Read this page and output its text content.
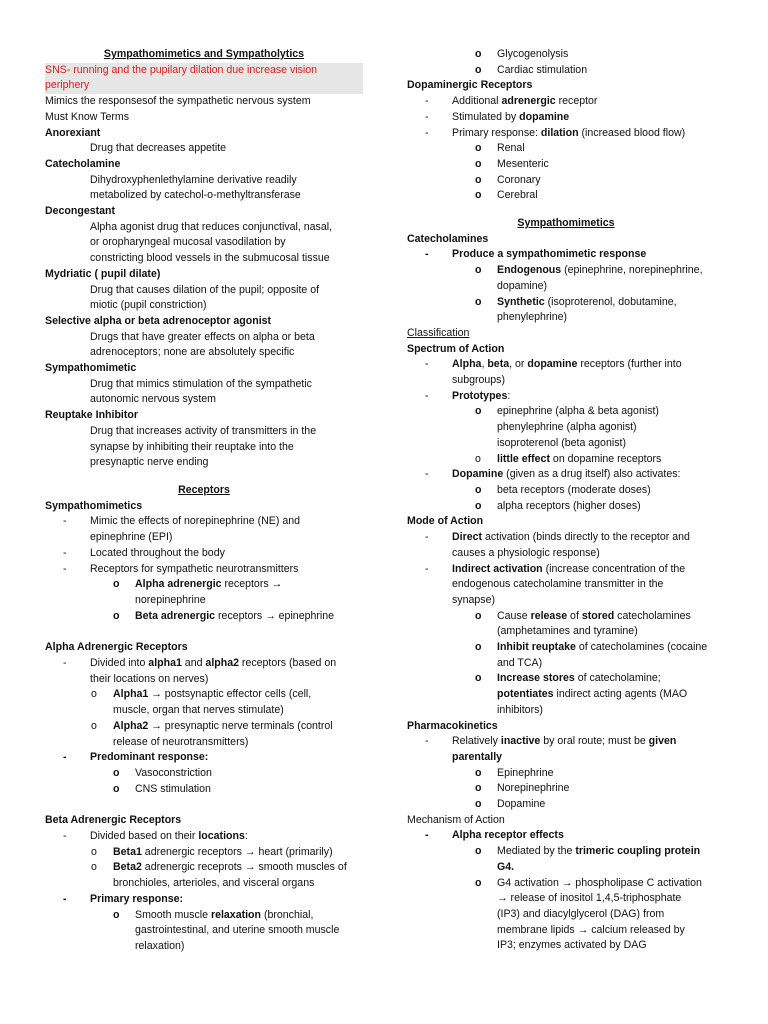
Sympathomimetics and Sympatholytics
SNS- running and the pupilary dilation due increase vision
periphery
Mimics the responsesof the sympathetic nervous system
Must Know Terms
Anorexiant
Drug that decreases appetite
Catecholamine
Dihydroxyphenlethylamine derivative readily
metabolized by catechol-o-methyltransferase
Decongestant
Alpha agonist drug that reduces conjunctival, nasal,
or oropharyngeal mucosal vasodilation by
constricting blood vessels in the submucosal tissue
Mydriatic ( pupil dilate)
Drug that causes dilation of the pupil; opposite of
miotic (pupil constriction)
Selective alpha or beta adrenoceptor agonist
Drugs that have greater effects on alpha or beta
adrenoceptors; none are absolutely specific
Sympathomimetic
Drug that mimics stimulation of the sympathetic
autonomic nervous system
Reuptake Inhibitor
Drug that increases activity of transmitters in the
synapse by inhibiting their reuptake into the
presynaptic nerve ending
Receptors
Sympathomimetics
- Mimic the effects of norepinephrine (NE) and
epinephrine (EPI)
- Located throughout the body
- Receptors for sympathetic neurotransmitters
o Alpha adrenergic receptors →
norepinephrine
o Beta adrenergic receptors → epinephrine
Alpha Adrenergic Receptors
- Divided into alpha1 and alpha2 receptors (based on
their locations on nerves)
o Alpha1 → postsynaptic effector cells (cell,
muscle, organ that nerves stimulate)
o Alpha2 → presynaptic nerve terminals (control
release of neurotransmitters)
- Predominant response:
o Vasoconstriction
o CNS stimulation
Beta Adrenergic Receptors
- Divided based on their locations:
o Beta1 adrenergic receptors → heart (primarily)
o Beta2 adrenergic receprots → smooth muscles of
bronchioles, arterioles, and visceral organs
- Primary response:
o Smooth muscle relaxation (bronchial,
gastrointestinal, and uterine smooth muscle
relaxation)
o Glycogenolysis
o Cardiac stimulation
Dopaminergic Receptors
- Additional adrenergic receptor
- Stimulated by dopamine
- Primary response: dilation (increased blood flow)
o Renal
o Mesenteric
o Coronary
o Cerebral
Sympathomimetics
Catecholamines
- Produce a sympathomimetic response
o Endogenous (epinephrine, norepinephrine,
dopamine)
o Synthetic (isoproterenol, dobutamine,
phenylephrine)
Classification
Spectrum of Action
- Alpha, beta, or dopamine receptors (further into
subgroups)
- Prototypes:
o epinephrine (alpha & beta agonist)
phenylephrine (alpha agonist)
isoproterenol (beta agonist)
o little effect on dopamine receptors
- Dopamine (given as a drug itself) also activates:
o beta receptors (moderate doses)
o alpha receptors (higher doses)
Mode of Action
- Direct activation (binds directly to the receptor and
causes a physiologic response)
- Indirect activation (increase concentration of the
endogenous catecholamine transmitter in the
synapse)
o Cause release of stored catecholamines
(amphetamines and tyramine)
o Inhibit reuptake of catecholamines (cocaine
and TCA)
o Increase stores of catecholamine;
potentiates indirect acting agents (MAO
inhibitors)
Pharmacokinetics
- Relatively inactive by oral route; must be given
parentally
o Epinephrine
o Norepinephrine
o Dopamine
Mechanism of Action
- Alpha receptor effects
o Mediated by the trimeric coupling protein
G4.
o G4 activation → phospholipase C activation
→ release of inositol 1,4,5-triphosphate
(IP3) and diacylglycerol (DAG) from
membrane lipids → calcium released by
IP3; enzymes activated by DAG
